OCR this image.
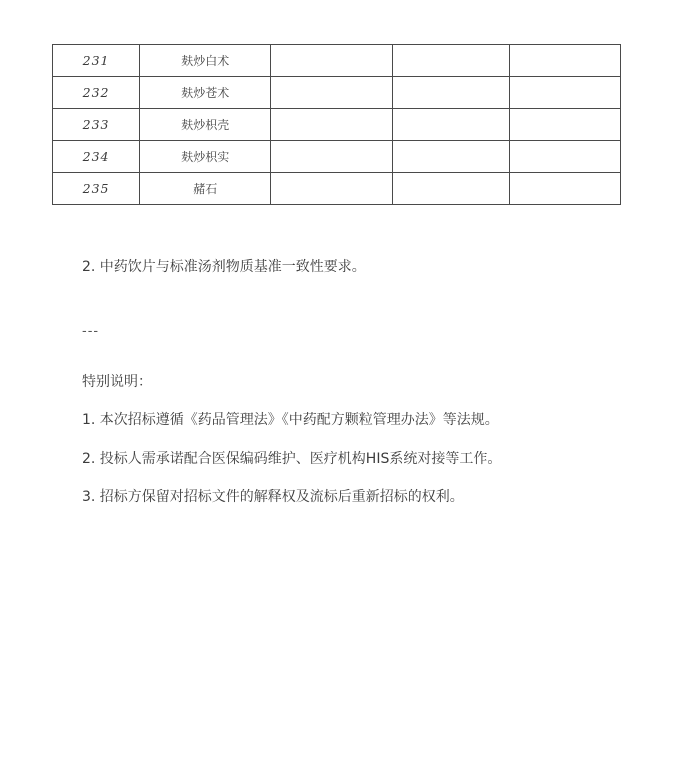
231	麸炒白术			
232	麸炒苍术			
233	麸炒枳壳			
234	麸炒枳实			
235	赭石			
2. 中药饮片与标准汤剂物质基准一致性要求。
---
特别说明：
1. 本次招标遵循《药品管理法》《中药配方颗粒管理办法》等法规。
2. 投标人需承诺配合医保编码维护、医疗机构HIS系统对接等工作。
3. 招标方保留对招标文件的解释权及流标后重新招标的权利。
